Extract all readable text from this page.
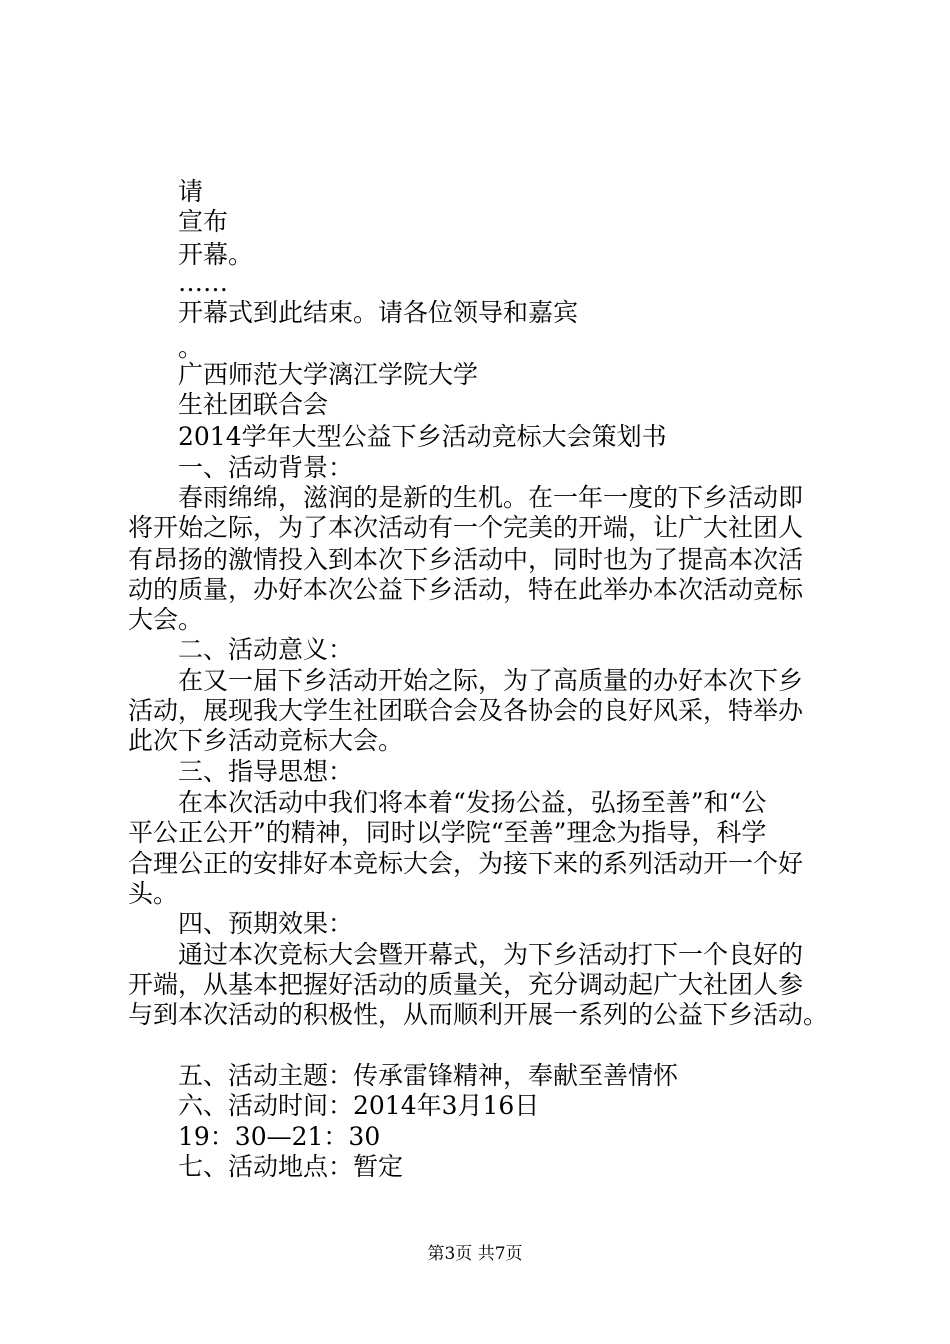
请
宣布
开幕。
……
开幕式到此结束。请各位领导和嘉宾
。
广西师范大学漓江学院大学
生社团联合会
2014学年大型公益下乡活动竞标大会策划书
一、活动背景：
春雨绵绵，滋润的是新的生机。在一年一度的下乡活动即
将开始之际，为了本次活动有一个完美的开端，让广大社团人
有昂扬的激情投入到本次下乡活动中，同时也为了提高本次活
动的质量，办好本次公益下乡活动，特在此举办本次活动竞标
大会。
二、活动意义：
在又一届下乡活动开始之际，为了高质量的办好本次下乡
活动，展现我大学生社团联合会及各协会的良好风采，特举办
此次下乡活动竞标大会。
三、指导思想：
在本次活动中我们将本着“发扬公益，弘扬至善”和“公
平公正公开”的精神，同时以学院“至善”理念为指导，科学
合理公正的安排好本竞标大会，为接下来的系列活动开一个好
头。
四、预期效果：
通过本次竞标大会暨开幕式，为下乡活动打下一个良好的
开端，从基本把握好活动的质量关，充分调动起广大社团人参
与到本次活动的积极性，从而顺利开展一系列的公益下乡活动。
五、活动主题：传承雷锋精神，奉献至善情怀
六、活动时间：2014年3月16日
19：30—21：30
七、活动地点：暂定
第3页 共7页
